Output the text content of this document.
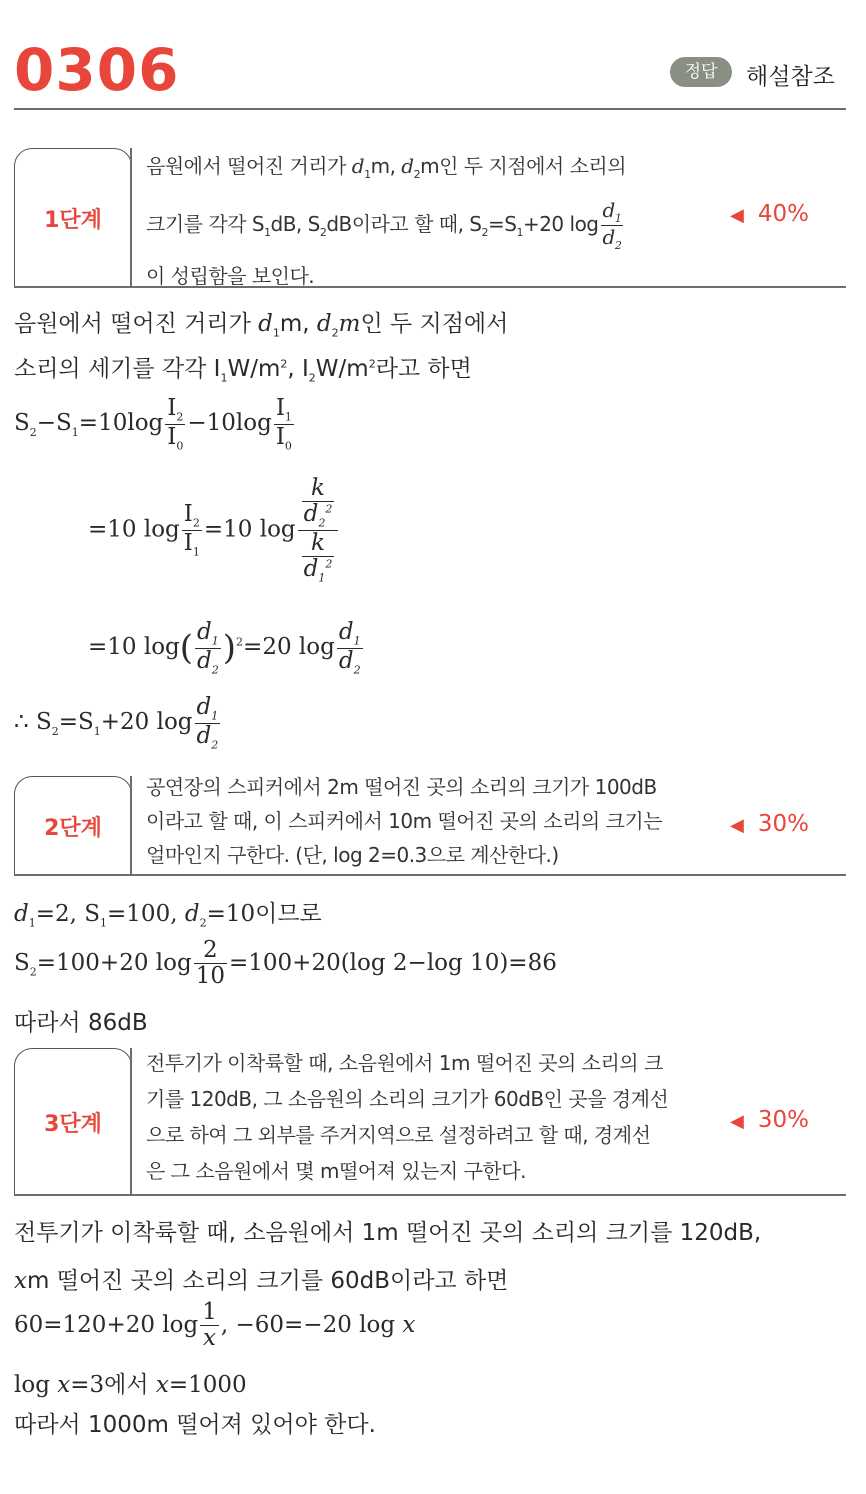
0306	정답	해설참조
1단계
음원에서 떨어진 거리가 $d_1m$, $d_2m$인 두 지점에서 소리의
크기를 각각 $S_1dB$, $S_2dB$이라고 할 때, $S_2=S_1+20$ $\log \frac{d_1}{d_2}$
이 성립함을 보인다.
◀ 40%
음원에서 떨어진 거리가 $d_1m$, $d_2m$인 두 지점에서
소리의 세기를 각각 $I_1W/m^2$, $I_2W/m^2$라고 하면
$S_2-S_1=10\log \frac{I_2}{I_0} -10\log \frac{I_1}{I_0}$
=10 $\log \frac{I_2}{I_1} =10$ $\log \frac{\frac{k}{d_2^2}}{\frac{k}{d_1^2}}$
=10 $\log( \frac{d_1}{d_2} )^2=20$ $\log \frac{d_1}{d_2}$
∴ $S_2=S_1+20$ $\log \frac{d_1}{d_2}$
2단계
공연장의 스피커에서 2m 떨어진 곳의 소리의 크기가 100dB
이라고 할 때, 이 스피커에서 10m 떨어진 곳의 소리의 크기는
얼마인지 구한다. (단, log 2=0.3으로 계산한다.)
◀ 30%
$d_1=2$, $S_1=100$, $d_2=10$이므로
$S_2=100+20$ $\log \frac{2}{10} =100+20(\log$ 2−log 10)=86
따라서 86dB
3단계
전투기가 이착륙할 때, 소음원에서 1m 떨어진 곳의 소리의 크
기를 120dB, 그 소음원의 소리의 크기가 60dB인 곳을 경계선
으로 하여 그 외부를 주거지역으로 설정하려고 할 때, 경계선
은 그 소음원에서 몇 m떨어져 있는지 구한다.
◀ 30%
전투기가 이착륙할 때, 소음원에서 1m 떨어진 곳의 소리의 크기를 120dB,
xm 떨어진 곳의 소리의 크기를 60dB이라고 하면
60=120+20 $\log \frac{1}{x}$ , −60=−20 log x
log x=3에서 x=1000
따라서 1000m 떨어져 있어야 한다.
